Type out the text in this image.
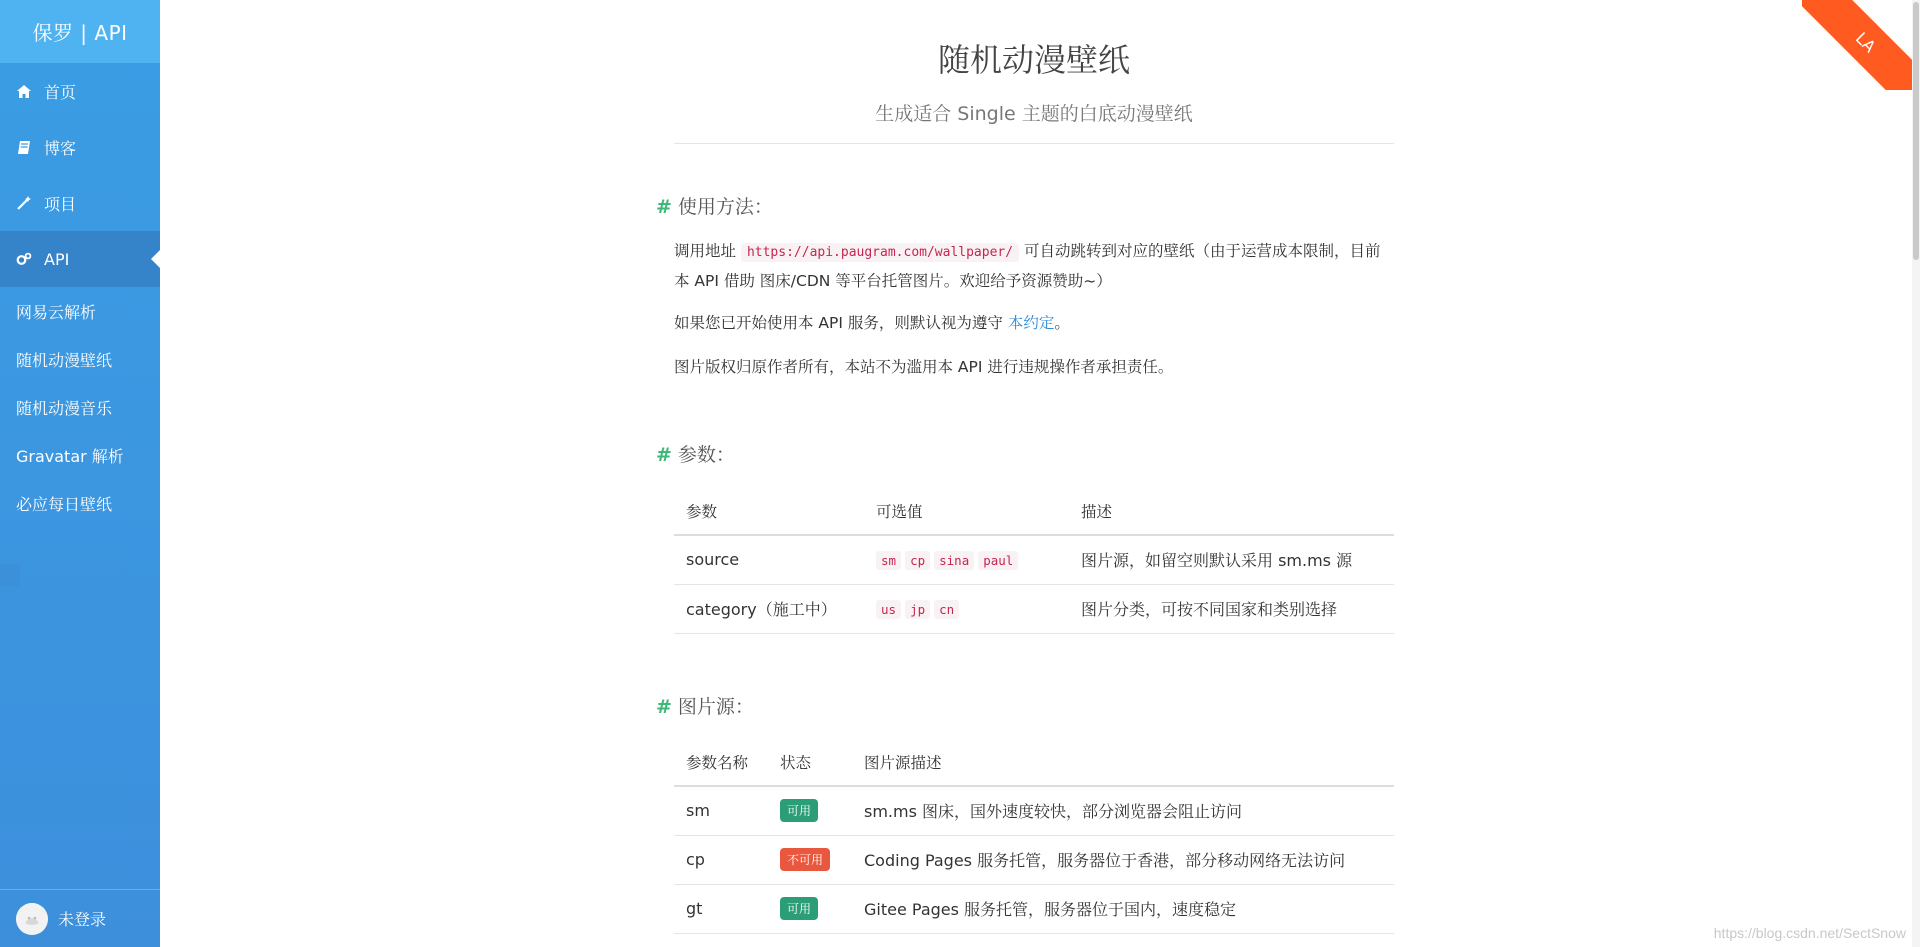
保罗 | API
首页
博客
项目
API
网易云解析
随机动漫壁纸
随机动漫音乐
Gravatar 解析
必应每日壁纸
未登录
随机动漫壁纸
生成适合 Single 主题的白底动漫壁纸
# 使用方法：
调用地址 https://api.paugram.com/wallpaper/ 可自动跳转到对应的壁纸（由于运营成本限制，目前本 API 借助 图床/CDN 等平台托管图片。欢迎给予资源赞助~）
如果您已开始使用本 API 服务，则默认视为遵守 本约定。
图片版权归原作者所有，本站不为滥用本 API 进行违规操作者承担责任。
# 参数：
参数	可选值	描述
source	sm cp sina paul	图片源，如留空则默认采用 sm.ms 源
category（施工中）	us jp cn	图片分类，可按不同国家和类别选择
# 图片源：
参数名称	状态	图片源描述
sm	可用	sm.ms 图床，国外速度较快，部分浏览器会阻止访问
cp	不可用	Coding Pages 服务托管，服务器位于香港，部分移动网络无法访问
gt	可用	Gitee Pages 服务托管，服务器位于国内，速度稳定
LA
https://blog.csdn.net/SectSnow
